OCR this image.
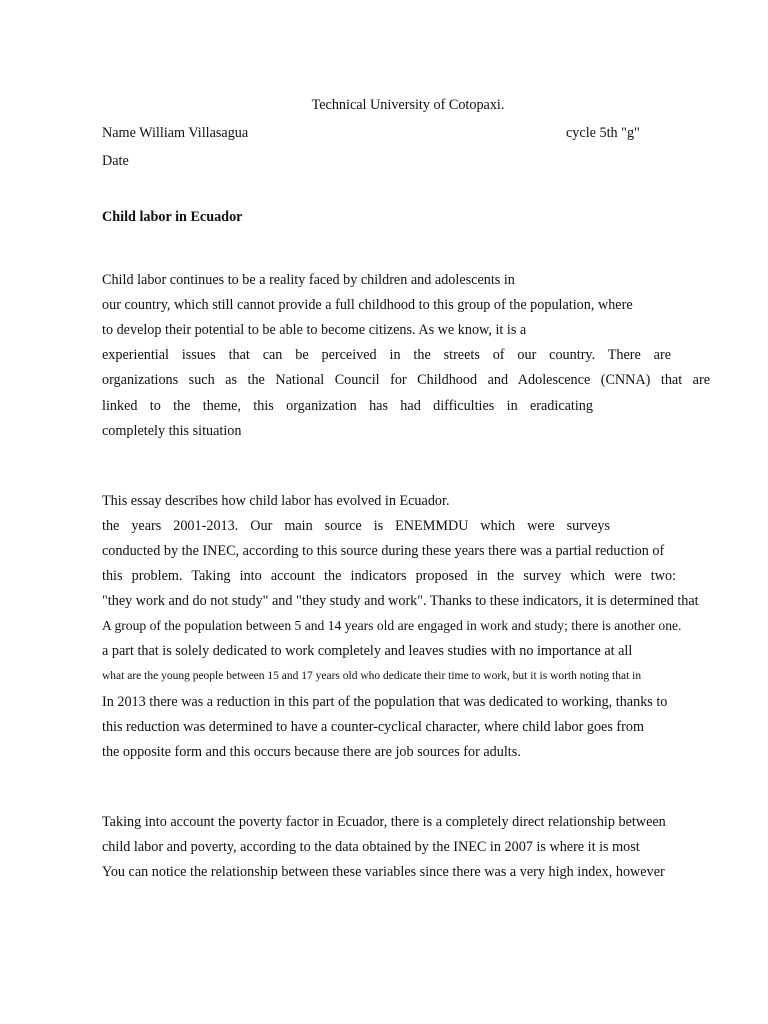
Technical University of Cotopaxi.
Name William Villasagua	cycle 5th "g"
Date
Child labor in Ecuador
Child labor continues to be a reality faced by children and adolescents in
our country, which still cannot provide a full childhood to this group of the population, where
to develop their potential to be able to become citizens. As we know, it is a
experiential issues that can be perceived in the streets of our country. There are
organizations such as the National Council for Childhood and Adolescence (CNNA) that are
linked to the theme, this organization has had difficulties in eradicating
completely this situation
This essay describes how child labor has evolved in Ecuador.
the years 2001-2013. Our main source is ENEMMDU which were surveys
conducted by the INEC, according to this source during these years there was a partial reduction of
this problem. Taking into account the indicators proposed in the survey which were two:
"they work and do not study" and "they study and work". Thanks to these indicators, it is determined that
A group of the population between 5 and 14 years old are engaged in work and study; there is another one.
a part that is solely dedicated to work completely and leaves studies with no importance at all
what are the young people between 15 and 17 years old who dedicate their time to work, but it is worth noting that in
In 2013 there was a reduction in this part of the population that was dedicated to working, thanks to
this reduction was determined to have a counter-cyclical character, where child labor goes from
the opposite form and this occurs because there are job sources for adults.
Taking into account the poverty factor in Ecuador, there is a completely direct relationship between
child labor and poverty, according to the data obtained by the INEC in 2007 is where it is most
You can notice the relationship between these variables since there was a very high index, however
